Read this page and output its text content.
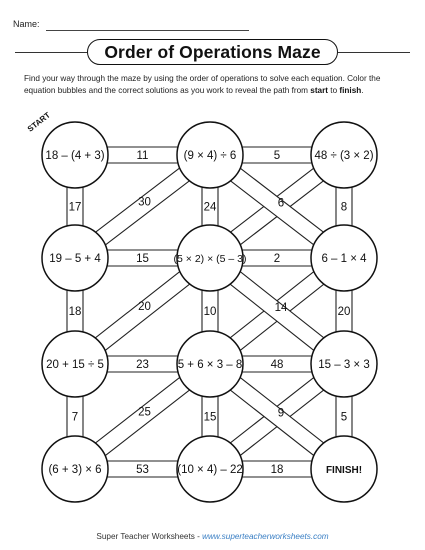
Name:
Order of Operations Maze
Find your way through the maze by using the order of operations to solve each equation. Color the equation bubbles and the correct solutions as you work to reveal the path from start to finish.
11	5
15	2
23	48
53	18
17	24	8
18	10	20
7	15	5
30	6
20	14
25	9
18 – (4 + 3)	(9 × 4) ÷ 6	48 ÷ (3 × 2)
19 – 5 + 4	(5 × 2) × (5 – 3)	6 – 1 × 4
20 + 15 ÷ 5	5 + 6 × 3 – 8	15 – 3 × 3
(6 + 3) × 6	(10 × 4) – 22	FINISH!
START
Super Teacher Worksheets - www.superteacherworksheets.com
